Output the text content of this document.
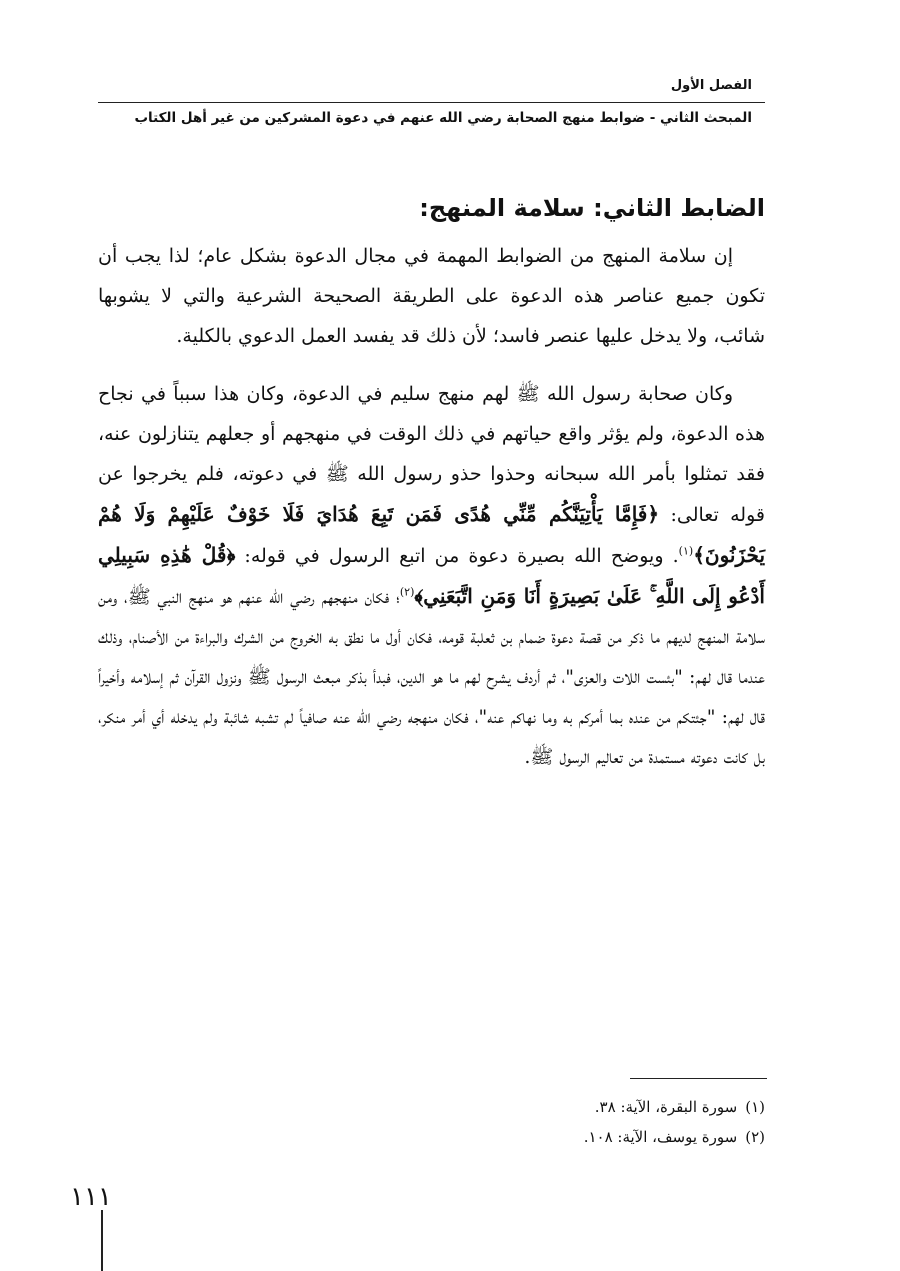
الفصل الأول
المبحث الثاني - ضوابط منهج الصحابة رضي الله عنهم في دعوة المشركين من غير أهل الكتاب
الضابط الثاني: سلامة المنهج:

إن سلامة المنهج من الضوابط المهمة في مجال الدعوة بشكل عام؛ لذا يجب أن تكون جميع عناصر هذه الدعوة على الطريقة الصحيحة الشرعية والتي لا يشوبها شائب، ولا يدخل عليها عنصر فاسد؛ لأن ذلك قد يفسد العمل الدعوي بالكلية.

وكان صحابة رسول الله ﷺ لهم منهج سليم في الدعوة، وكان هذا سبباً في نجاح هذه الدعوة، ولم يؤثر واقع حياتهم في ذلك الوقت في منهجهم أو جعلهم يتنازلون عنه، فقد تمثلوا بأمر الله سبحانه وحذوا حذو رسول الله ﷺ في دعوته، فلم يخرجوا عن قوله تعالى: ﴿فَإِمَّا يَأْتِيَنَّكُم مِّنِّي هُدًى فَمَن تَبِعَ هُدَايَ فَلَا خَوْفٌ عَلَيْهِمْ وَلَا هُمْ يَحْزَنُونَ﴾$^{(١)}$. ويوضح الله بصيرة دعوة من اتبع الرسول في قوله: ﴿قُلْ هَٰذِهِ سَبِيلِي أَدْعُو إِلَى اللَّهِ ۚ عَلَىٰ بَصِيرَةٍ أَنَا وَمَنِ اتَّبَعَنِي﴾$^{(٢)}$؛ فكان منهجهم رضي الله عنهم هو منهج النبي ﷺ، ومن سلامة المنهج لديهم ما ذكر من قصة دعوة ضمام بن ثعلبة قومه، فكان أول ما نطق به الخروج من الشرك والبراءة من الأصنام، وذلك عندما قال لهم: "بئست اللات والعزى"، ثم أردف يشرح لهم ما هو الدين، فبدأ بذكر مبعث الرسول ﷺ ونزول القرآن ثم إسلامه وأخيراً قال لهم: "جئتكم من عنده بما أمركم به وما نهاكم عنه"، فكان منهجه رضي الله عنه صافياً لم تشبه شائبة ولم يدخله أي أمر منكر، بل كانت دعوته مستمدة من تعاليم الرسول ﷺ.

(١)سورة البقرة، الآية: ٣٨.
(٢)سورة يوسف، الآية: ١٠٨.
١١١
